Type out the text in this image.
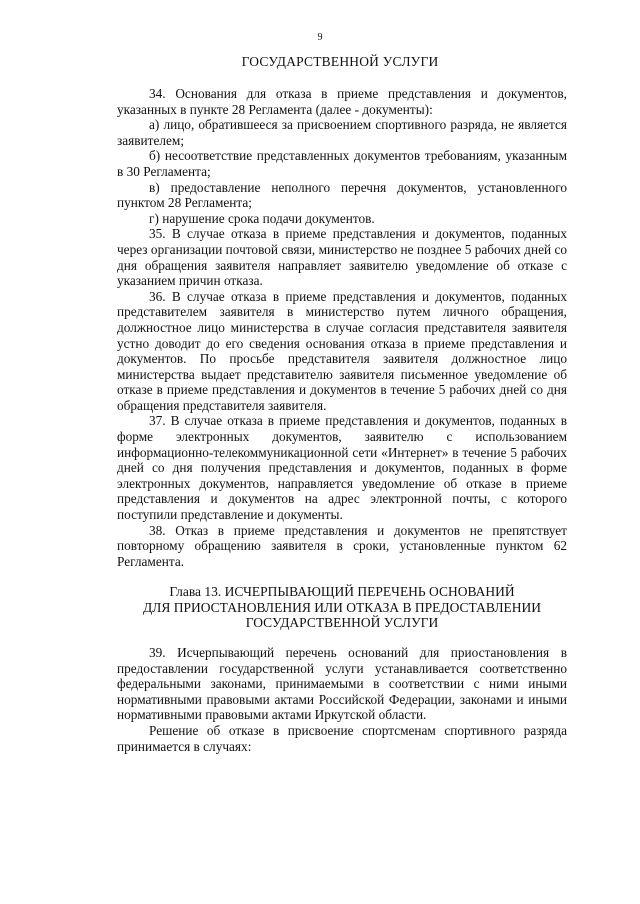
9
ГОСУДАРСТВЕННОЙ УСЛУГИ

34. Основания для отказа в приеме представления и документов, указанных в пункте 28 Регламента (далее - документы):

а) лицо, обратившееся за присвоением спортивного разряда, не является заявителем;

б) несоответствие представленных документов требованиям, указанным в 30 Регламента;

в) предоставление неполного перечня документов, установленного пунктом 28 Регламента;

г) нарушение срока подачи документов.

35. В случае отказа в приеме представления и документов, поданных через организации почтовой связи, министерство не позднее 5 рабочих дней со дня обращения заявителя направляет заявителю уведомление об отказе с указанием причин отказа.

36. В случае отказа в приеме представления и документов, поданных представителем заявителя в министерство путем личного обращения, должностное лицо министерства в случае согласия представителя заявителя устно доводит до его сведения основания отказа в приеме представления и документов. По просьбе представителя заявителя должностное лицо министерства выдает представителю заявителя письменное уведомление об отказе в приеме представления и документов в течение 5 рабочих дней со дня обращения представителя заявителя.

37. В случае отказа в приеме представления и документов, поданных в форме электронных документов, заявителю с использованием информационно-телекоммуникационной сети «Интернет» в течение 5 рабочих дней со дня получения представления и документов, поданных в форме электронных документов, направляется уведомление об отказе в приеме представления и документов на адрес электронной почты, с которого поступили представление и документы.

38. Отказ в приеме представления и документов не препятствует повторному обращению заявителя в сроки, установленные пунктом 62 Регламента.

Глава 13. ИСЧЕРПЫВАЮЩИЙ ПЕРЕЧЕНЬ ОСНОВАНИЙ
ДЛЯ ПРИОСТАНОВЛЕНИЯ ИЛИ ОТКАЗА В ПРЕДОСТАВЛЕНИИ
ГОСУДАРСТВЕННОЙ УСЛУГИ

39. Исчерпывающий перечень оснований для приостановления в предоставлении государственной услуги устанавливается соответственно федеральными законами, принимаемыми в соответствии с ними иными нормативными правовыми актами Российской Федерации, законами и иными нормативными правовыми актами Иркутской области.

Решение об отказе в присвоение спортсменам спортивного разряда принимается в случаях:
